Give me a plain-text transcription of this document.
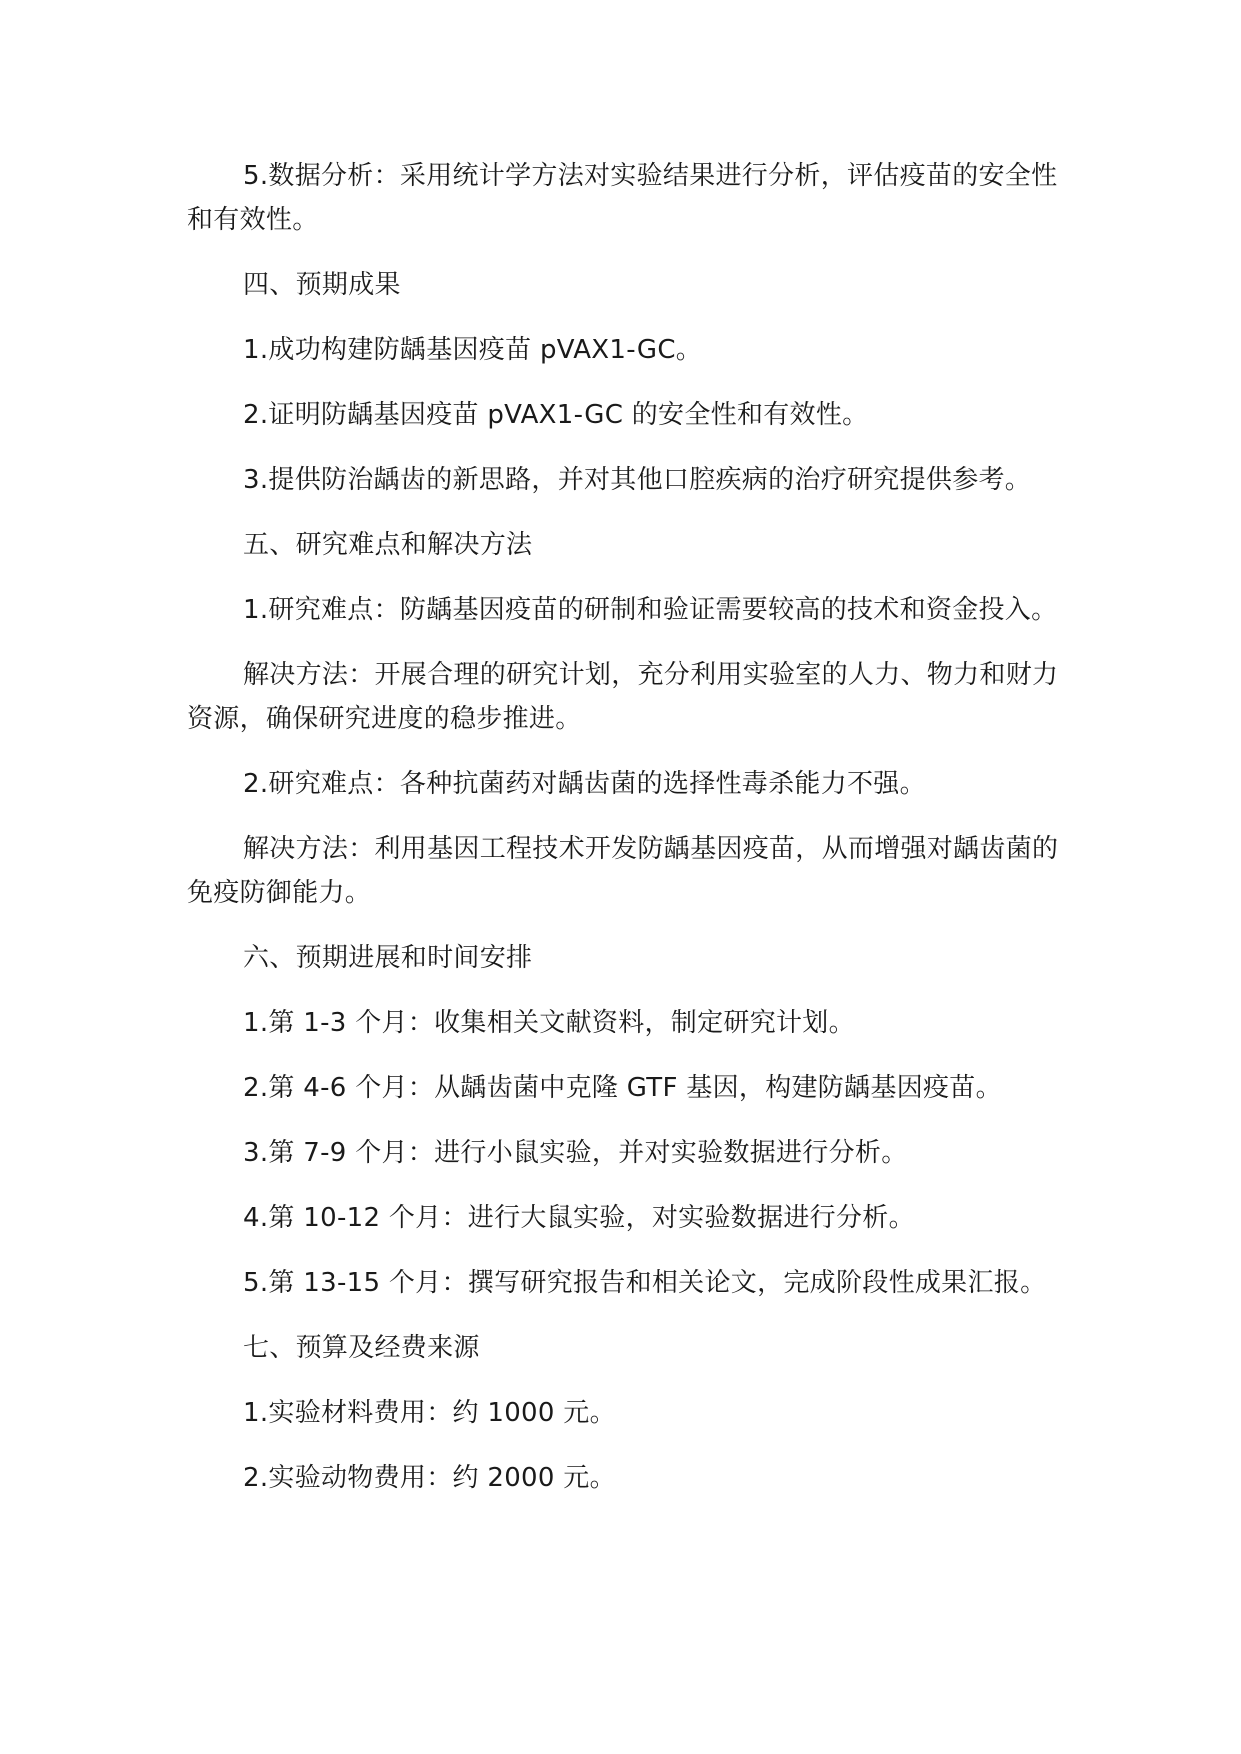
5.数据分析：采用统计学方法对实验结果进行分析，评估疫苗的安全性和有效性。

四、预期成果

1.成功构建防龋基因疫苗 pVAX1-GC。

2.证明防龋基因疫苗 pVAX1-GC 的安全性和有效性。

3.提供防治龋齿的新思路，并对其他口腔疾病的治疗研究提供参考。

五、研究难点和解决方法

1.研究难点：防龋基因疫苗的研制和验证需要较高的技术和资金投入。

解决方法：开展合理的研究计划，充分利用实验室的人力、物力和财力资源，确保研究进度的稳步推进。

2.研究难点：各种抗菌药对龋齿菌的选择性毒杀能力不强。

解决方法：利用基因工程技术开发防龋基因疫苗，从而增强对龋齿菌的免疫防御能力。

六、预期进展和时间安排

1.第 1-3 个月：收集相关文献资料，制定研究计划。

2.第 4-6 个月：从龋齿菌中克隆 GTF 基因，构建防龋基因疫苗。

3.第 7-9 个月：进行小鼠实验，并对实验数据进行分析。

4.第 10-12 个月：进行大鼠实验，对实验数据进行分析。

5.第 13-15 个月：撰写研究报告和相关论文，完成阶段性成果汇报。

七、预算及经费来源

1.实验材料费用：约 1000 元。

2.实验动物费用：约 2000 元。
